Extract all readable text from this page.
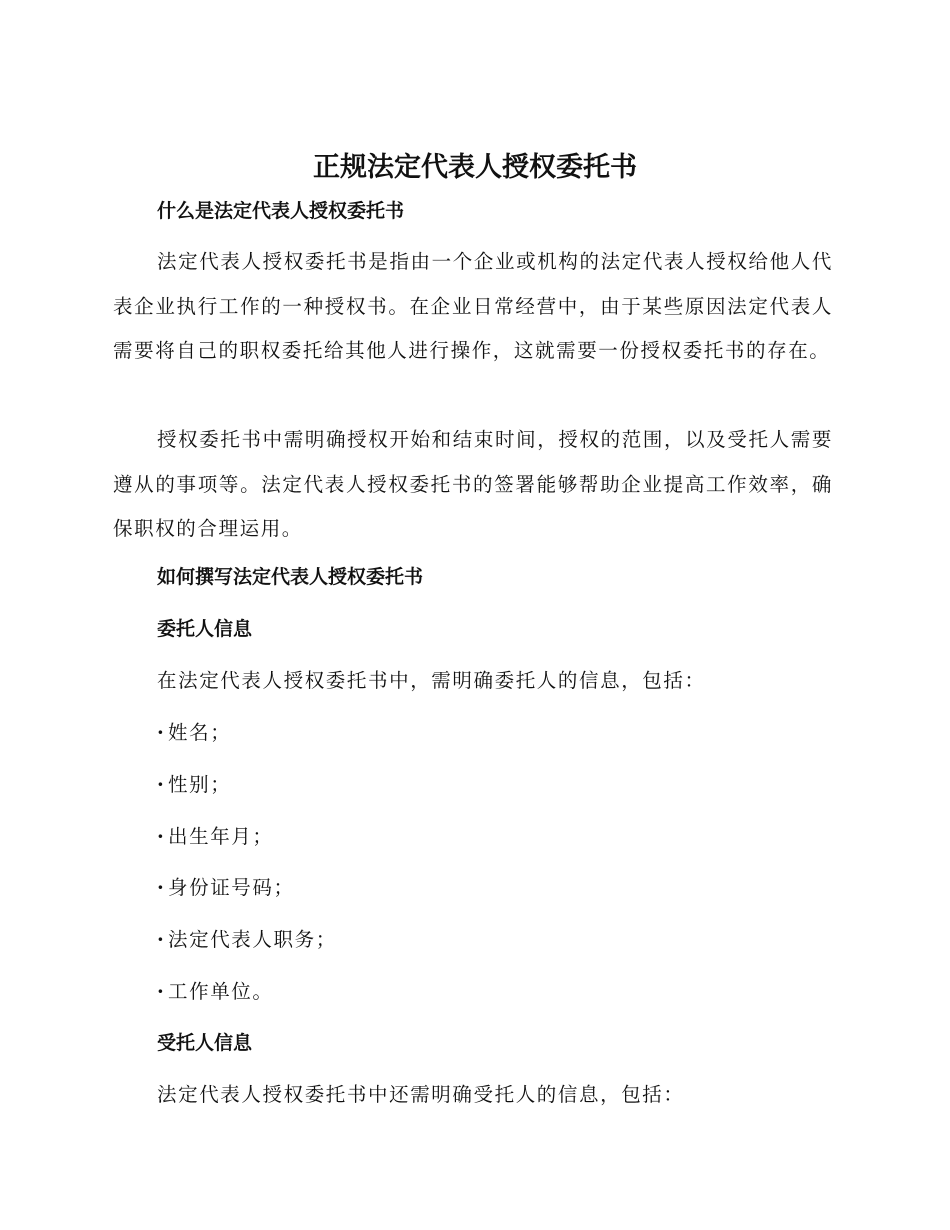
正规法定代表人授权委托书
什么是法定代表人授权委托书

法定代表人授权委托书是指由一个企业或机构的法定代表人授权给他人代表企业执行工作的一种授权书。在企业日常经营中，由于某些原因法定代表人需要将自己的职权委托给其他人进行操作，这就需要一份授权委托书的存在。

授权委托书中需明确授权开始和结束时间，授权的范围，以及受托人需要遵从的事项等。法定代表人授权委托书的签署能够帮助企业提高工作效率，确保职权的合理运用。

如何撰写法定代表人授权委托书
委托人信息

在法定代表人授权委托书中，需明确委托人的信息，包括：

· 姓名；

· 性别；

· 出生年月；

· 身份证号码；

· 法定代表人职务；

· 工作单位。

受托人信息

法定代表人授权委托书中还需明确受托人的信息，包括：
